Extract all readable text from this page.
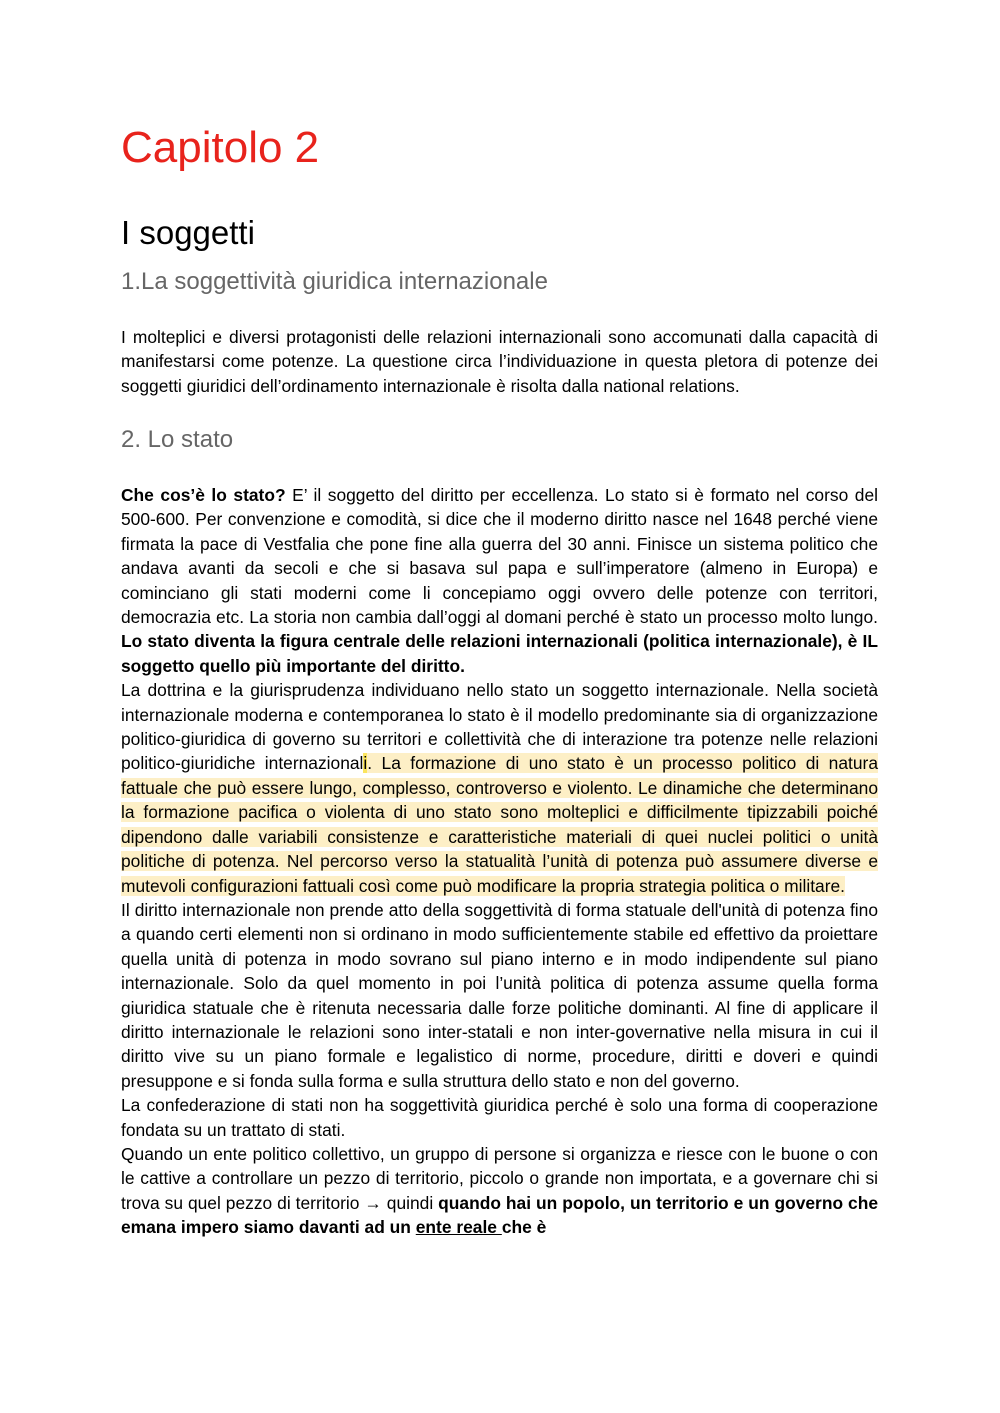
Capitolo 2
I soggetti
1.La soggettività giuridica internazionale

I molteplici e diversi protagonisti delle relazioni internazionali sono accomunati dalla capacità di manifestarsi come potenze. La questione circa l’individuazione in questa pletora di potenze dei soggetti giuridici dell’ordinamento internazionale è risolta dalla national relations.

2. Lo stato

Che cos’è lo stato? E’ il soggetto del diritto per eccellenza. Lo stato si è formato nel corso del 500-600. Per convenzione e comodità, si dice che il moderno diritto nasce nel 1648 perché viene firmata la pace di Vestfalia che pone fine alla guerra del 30 anni. Finisce un sistema politico che andava avanti da secoli e che si basava sul papa e sull’imperatore (almeno in Europa) e cominciano gli stati moderni come li concepiamo oggi ovvero delle potenze con territori, democrazia etc. La storia non cambia dall’oggi al domani perché è stato un processo molto lungo. Lo stato diventa la figura centrale delle relazioni internazionali (politica internazionale), è IL soggetto quello più importante del diritto.

La dottrina e la giurisprudenza individuano nello stato un soggetto internazionale. Nella società internazionale moderna e contemporanea lo stato è il modello predominante sia di organizzazione politico-giuridica di governo su territori e collettività che di interazione tra potenze nelle relazioni politico-giuridiche internazionali. La formazione di uno stato è un processo politico di natura fattuale che può essere lungo, complesso, controverso e violento. Le dinamiche che determinano la formazione pacifica o violenta di uno stato sono molteplici e difficilmente tipizzabili poiché dipendono dalle variabili consistenze e caratteristiche materiali di quei nuclei politici o unità politiche di potenza. Nel percorso verso la statualità l’unità di potenza può assumere diverse e mutevoli configurazioni fattuali così come può modificare la propria strategia politica o militare.

Il diritto internazionale non prende atto della soggettività di forma statuale dell'unità di potenza fino a quando certi elementi non si ordinano in modo sufficientemente stabile ed effettivo da proiettare quella unità di potenza in modo sovrano sul piano interno e in modo indipendente sul piano internazionale. Solo da quel momento in poi l’unità politica di potenza assume quella forma giuridica statuale che è ritenuta necessaria dalle forze politiche dominanti. Al fine di applicare il diritto internazionale le relazioni sono inter-statali e non inter-governative nella misura in cui il diritto vive su un piano formale e legalistico di norme, procedure, diritti e doveri e quindi presuppone e si fonda sulla forma e sulla struttura dello stato e non del governo.

La confederazione di stati non ha soggettività giuridica perché è solo una forma di cooperazione fondata su un trattato di stati.

Quando un ente politico collettivo, un gruppo di persone si organizza e riesce con le buone o con le cattive a controllare un pezzo di territorio, piccolo o grande non importata, e a governare chi si trova su quel pezzo di territorio → quindi quando hai un popolo, un territorio e un governo che emana impero siamo davanti ad un ente reale che è
